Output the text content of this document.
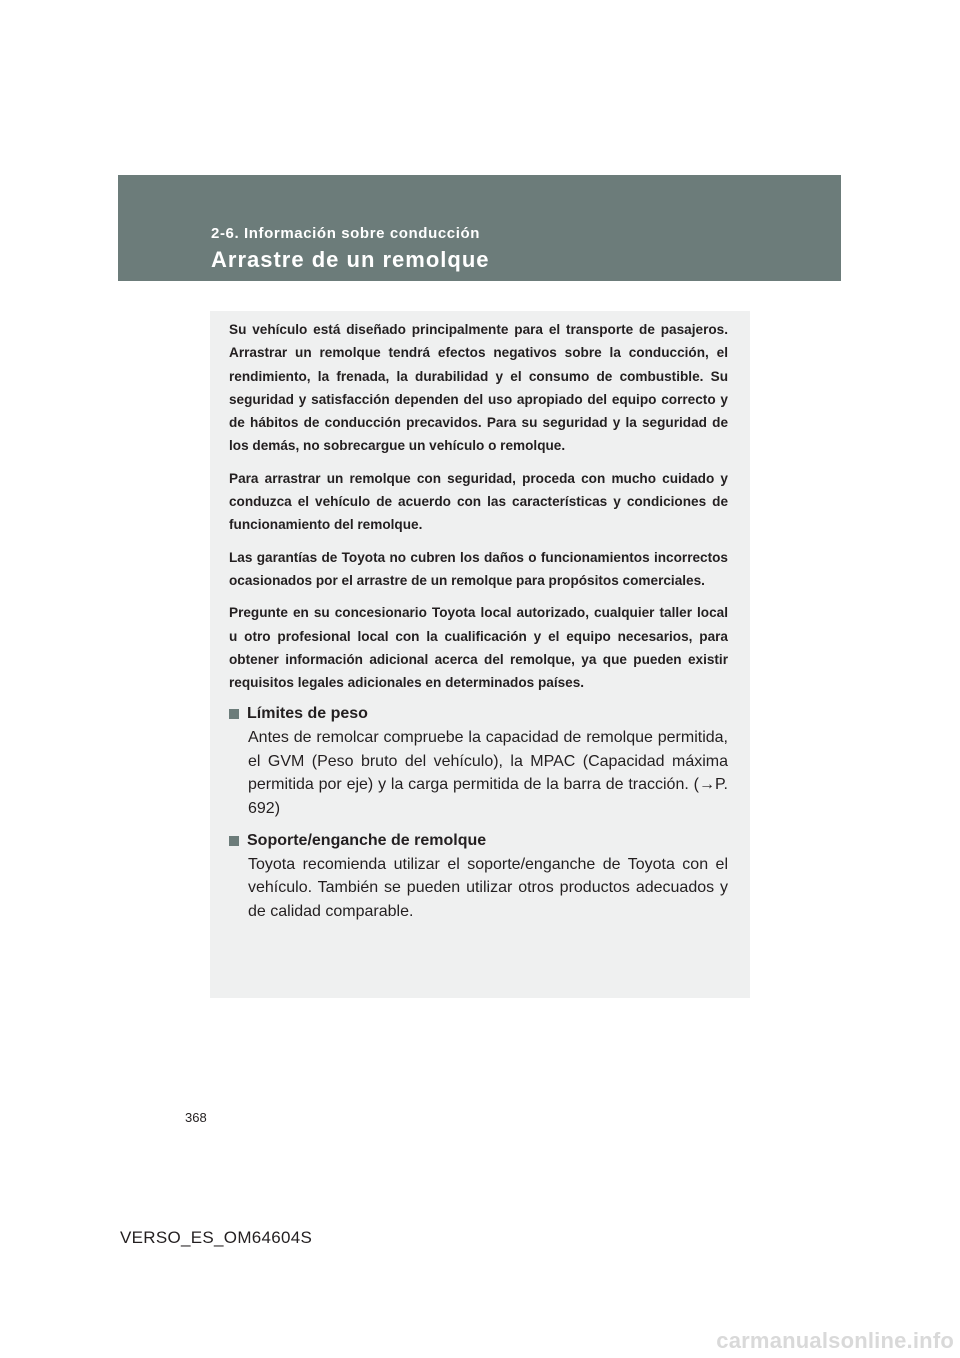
2-6. Información sobre conducción
Arrastre de un remolque

Su vehículo está diseñado principalmente para el transporte de pasajeros. Arrastrar un remolque tendrá efectos negativos sobre la conducción, el rendimiento, la frenada, la durabilidad y el consumo de combustible. Su seguridad y satisfacción dependen del uso apropiado del equipo correcto y de hábitos de conducción precavidos. Para su seguridad y la seguridad de los demás, no sobrecargue un vehículo o remolque.

Para arrastrar un remolque con seguridad, proceda con mucho cuidado y conduzca el vehículo de acuerdo con las características y condiciones de funcionamiento del remolque.

Las garantías de Toyota no cubren los daños o funcionamientos incorrectos ocasionados por el arrastre de un remolque para propósitos comerciales.

Pregunte en su concesionario Toyota local autorizado, cualquier taller local u otro profesional local con la cualificación y el equipo necesarios, para obtener información adicional acerca del remolque, ya que pueden existir requisitos legales adicionales en determinados países.

Límites de peso
Antes de remolcar compruebe la capacidad de remolque permitida, el GVM (Peso bruto del vehículo), la MPAC (Capacidad máxima permitida por eje) y la carga permitida de la barra de tracción. (→P. 692)
Soporte/enganche de remolque
Toyota recomienda utilizar el soporte/enganche de Toyota con el vehículo. También se pueden utilizar otros productos adecuados y de calidad comparable.
368
VERSO_ES_OM64604S
carmanualsonline.info
